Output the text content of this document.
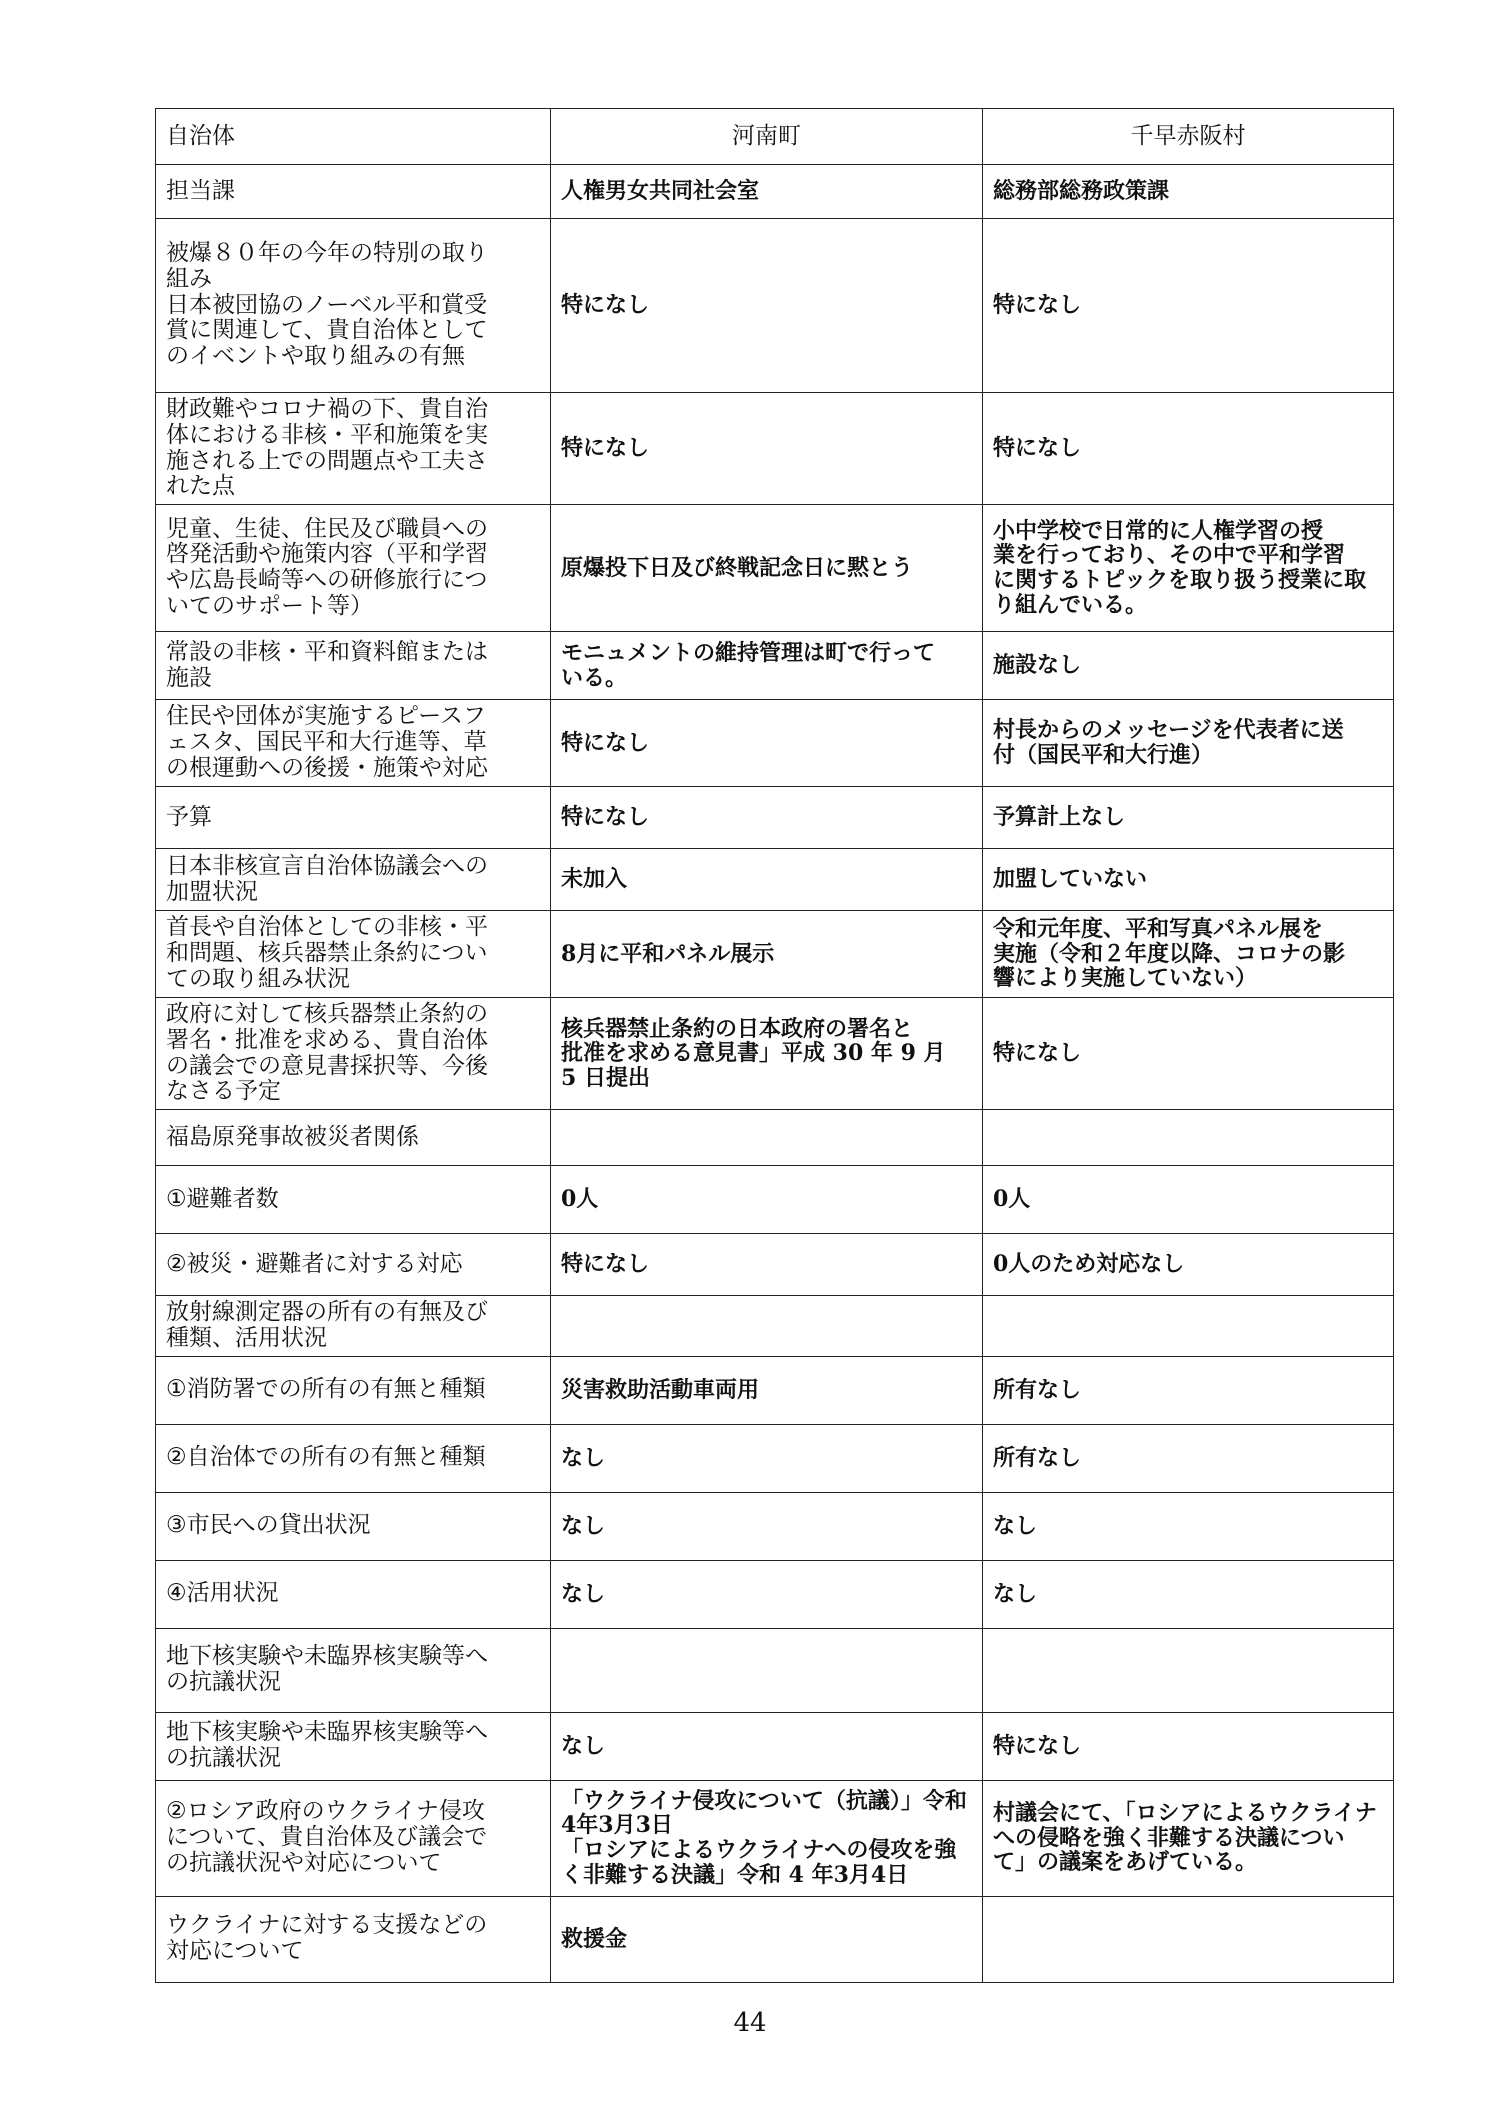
自治体	河南町	千早赤阪村
担当課	人権男女共同社会室	総務部総務政策課

被爆８０年の今年の特別の取り
組み
日本被団協のノーベル平和賞受
賞に関連して、貴自治体として
のイベントや取り組みの有無	特になし	特になし

財政難やコロナ禍の下、貴自治
体における非核・平和施策を実
施される上での問題点や工夫さ
れた点	特になし	特になし

児童、生徒、住民及び職員への
啓発活動や施策内容（平和学習
や広島長崎等への研修旅行につ
いてのサポート等）	原爆投下日及び終戦記念日に黙とう	小中学校で日常的に人権学習の授
業を行っており、その中で平和学習
に関するトピックを取り扱う授業に取
り組んでいる。

常設の非核・平和資料館または
施設	モニュメントの維持管理は町で行って
いる。	施設なし

住民や団体が実施するピースフ
ェスタ、国民平和大行進等、草
の根運動への後援・施策や対応	特になし	村長からのメッセージを代表者に送
付（国民平和大行進）

予算	特になし	予算計上なし

日本非核宣言自治体協議会への
加盟状況	未加入	加盟していない

首長や自治体としての非核・平
和問題、核兵器禁止条約につい
ての取り組み状況	8月に平和パネル展示	令和元年度、平和写真パネル展を
実施（令和２年度以降、コロナの影
響により実施していない）

政府に対して核兵器禁止条約の
署名・批准を求める、貴自治体
の議会での意見書採択等、今後
なさる予定	核兵器禁止条約の日本政府の署名と
批准を求める意見書」平成 30 年 9 月
5 日提出	特になし
福島原発事故被災者関係		
①避難者数	0人	0人
②被災・避難者に対する対応	特になし	0人のため対応なし

放射線測定器の所有の有無及び
種類、活用状況		

①消防署での所有の有無と種類	災害救助活動車両用	所有なし
②自治体での所有の有無と種類	なし	所有なし
③市民への貸出状況	なし	なし
④活用状況	なし	なし

地下核実験や未臨界核実験等へ
の抗議状況		

地下核実験や未臨界核実験等へ
の抗議状況	なし	特になし

②ロシア政府のウクライナ侵攻
について、貴自治体及び議会で
の抗議状況や対応について	「ウクライナ侵攻について（抗議）」令和
4年3月3日
「ロシアによるウクライナへの侵攻を強
く非難する決議」令和 4 年3月4日	村議会にて、「ロシアによるウクライナ
への侵略を強く非難する決議につい
て」の議案をあげている。

ウクライナに対する支援などの
対応について	救援金	
44
